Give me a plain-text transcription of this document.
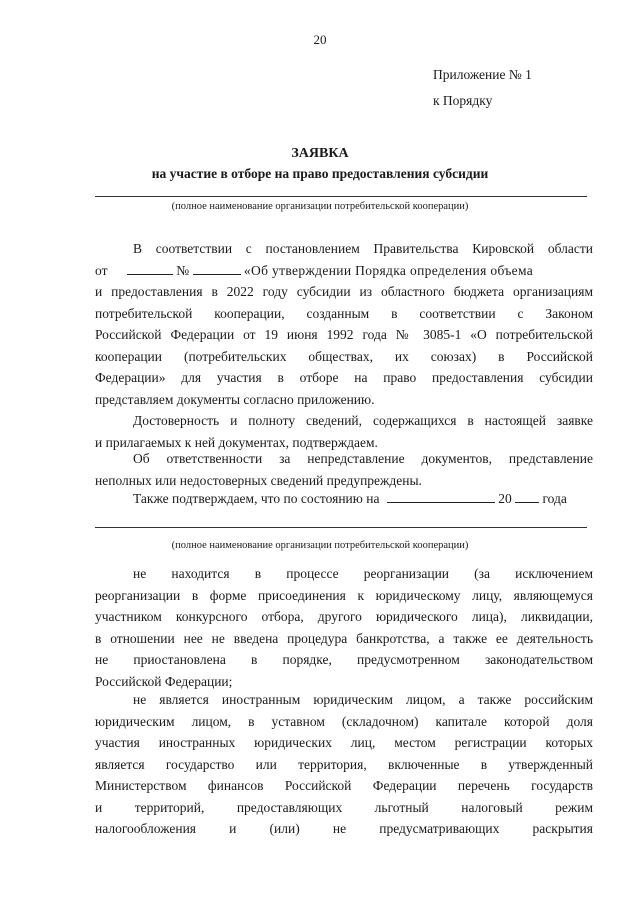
20
Приложение № 1
к Порядку
ЗАЯВКА
на участие в отборе на право предоставления субсидии
(полное наименование организации потребительской кооперации)
В соответствии с постановлением Правительства Кировской области
от	№	«Об утверждении Порядка определения объема
и предоставления в 2022 году субсидии из областного бюджета организациям
потребительской кооперации, созданным в соответствии с Законом
Российской Федерации от 19 июня 1992 года № 3085-1 «О потребительской
кооперации (потребительских обществах, их союзах) в Российской
Федерации» для участия в отборе на право предоставления субсидии
представляем документы согласно приложению.
Достоверность и полноту сведений, содержащихся в настоящей заявке
и прилагаемых к ней документах, подтверждаем.
Об ответственности за непредставление документов, представление
неполных или недостоверных сведений предупреждены.
Также подтверждаем, что по состоянию на	20 года
(полное наименование организации потребительской кооперации)
не находится в процессе реорганизации (за исключением
реорганизации в форме присоединения к юридическому лицу, являющемуся
участником конкурсного отбора, другого юридического лица), ликвидации,
в отношении нее не введена процедура банкротства, а также ее деятельность
не приостановлена в порядке, предусмотренном законодательством
Российской Федерации;
не является иностранным юридическим лицом, а также российским
юридическим лицом, в уставном (складочном) капитале которой доля
участия иностранных юридических лиц, местом регистрации которых
является государство или территория, включенные в утвержденный
Министерством финансов Российской Федерации перечень государств
и территорий, предоставляющих льготный налоговый режим
налогообложения и (или) не предусматривающих раскрытия
